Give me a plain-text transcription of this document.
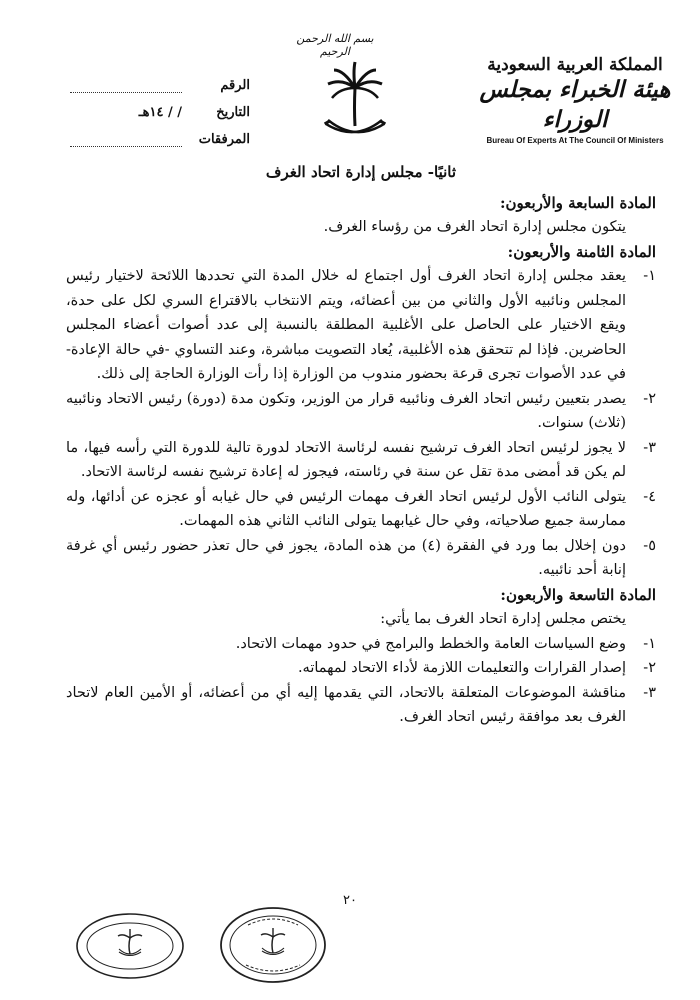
المملكة العربية السعودية
هيئة الخبراء بمجلس الوزراء
Bureau Of Experts At The Council Of Ministers
بسم الله الرحمن الرحيم
الرقم
التاريخ
/ / ١٤هـ
المرفقات

ثانيًا- مجلس إدارة اتحاد الغرف

المادة السابعة والأربعون:

يتكون مجلس إدارة اتحاد الغرف من رؤساء الغرف.

المادة الثامنة والأربعون:

١-
يعقد مجلس إدارة اتحاد الغرف أول اجتماع له خلال المدة التي تحددها اللائحة لاختيار رئيس المجلس ونائبيه الأول والثاني من بين أعضائه، ويتم الانتخاب بالاقتراع السري لكل على حدة، ويقع الاختيار على الحاصل على الأغلبية المطلقة بالنسبة إلى عدد أصوات أعضاء المجلس الحاضرين. فإذا لم تتحقق هذه الأغلبية، يُعاد التصويت مباشرة، وعند التساوي -في حالة الإعادة- في عدد الأصوات تجرى قرعة بحضور مندوب من الوزارة إذا رأت الوزارة الحاجة إلى ذلك.
٢-
يصدر بتعيين رئيس اتحاد الغرف ونائبيه قرار من الوزير، وتكون مدة (دورة) رئيس الاتحاد ونائبيه (ثلاث) سنوات.
٣-
لا يجوز لرئيس اتحاد الغرف ترشيح نفسه لرئاسة الاتحاد لدورة تالية للدورة التي رأسه فيها، ما لم يكن قد أمضى مدة تقل عن سنة في رئاسته، فيجوز له إعادة ترشيح نفسه لرئاسة الاتحاد.
٤-
يتولى النائب الأول لرئيس اتحاد الغرف مهمات الرئيس في حال غيابه أو عجزه عن أدائها، وله ممارسة جميع صلاحياته، وفي حال غيابهما يتولى النائب الثاني هذه المهمات.
٥-
دون إخلال بما ورد في الفقرة (٤) من هذه المادة، يجوز في حال تعذر حضور رئيس أي غرفة إنابة أحد نائبيه.

المادة التاسعة والأربعون:

يختص مجلس إدارة اتحاد الغرف بما يأتي:

١-
وضع السياسات العامة والخطط والبرامج في حدود مهمات الاتحاد.
٢-
إصدار القرارات والتعليمات اللازمة لأداء الاتحاد لمهماته.
٣-
مناقشة الموضوعات المتعلقة بالاتحاد، التي يقدمها إليه أي من أعضائه، أو الأمين العام لاتحاد الغرف بعد موافقة رئيس اتحاد الغرف.
٢٠
